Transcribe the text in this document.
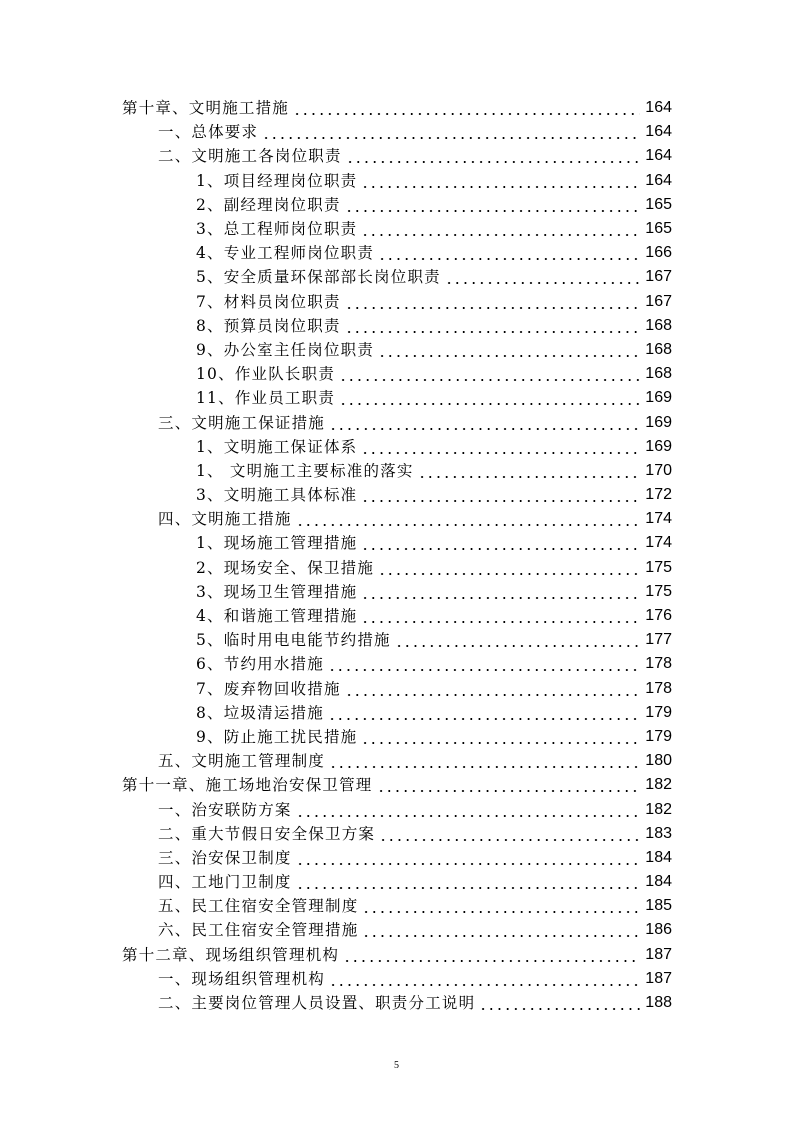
第十章、文明施工措施	164
一、总体要求	164
二、文明施工各岗位职责	164
1、项目经理岗位职责	164
2、副经理岗位职责	165
3、总工程师岗位职责	165
4、专业工程师岗位职责	166
5、安全质量环保部部长岗位职责	167
7、材料员岗位职责	167
8、预算员岗位职责	168
9、办公室主任岗位职责	168
10、作业队长职责	168
11、作业员工职责	169
三、文明施工保证措施	169
1、文明施工保证体系	169
1、 文明施工主要标准的落实	170
3、文明施工具体标准	172
四、文明施工措施	174
1、现场施工管理措施	174
2、现场安全、保卫措施	175
3、现场卫生管理措施	175
4、和谐施工管理措施	176
5、临时用电电能节约措施	177
6、节约用水措施	178
7、废弃物回收措施	178
8、垃圾清运措施	179
9、防止施工扰民措施	179
五、文明施工管理制度	180
第十一章、施工场地治安保卫管理	182
一、治安联防方案	182
二、重大节假日安全保卫方案	183
三、治安保卫制度	184
四、工地门卫制度	184
五、民工住宿安全管理制度	185
六、民工住宿安全管理措施	186
第十二章、现场组织管理机构	187
一、现场组织管理机构	187
二、主要岗位管理人员设置、职责分工说明	188
5
